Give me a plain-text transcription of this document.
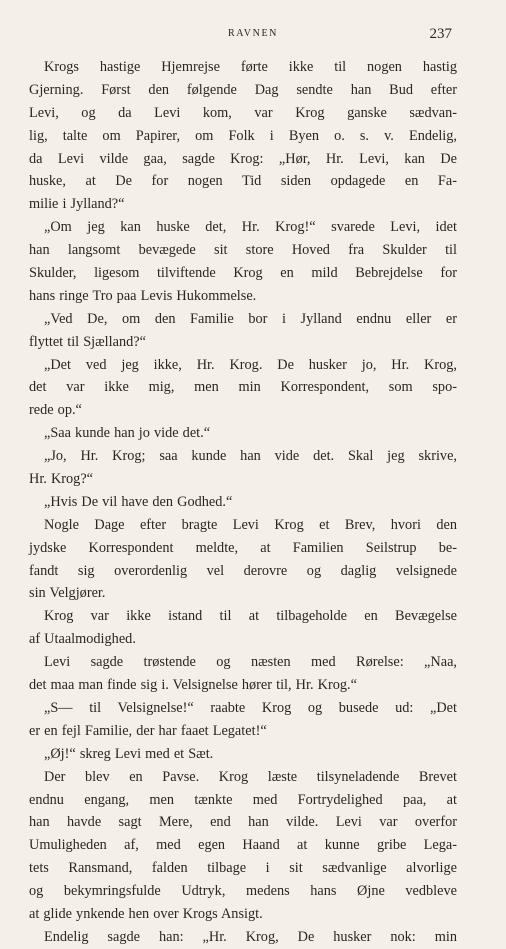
RAVNEN	237
Krogs hastige Hjemrejse førte ikke til nogen hastig
Gjerning. Først den følgende Dag sendte han Bud efter
Levi, og da Levi kom, var Krog ganske sædvan-
lig, talte om Papirer, om Folk i Byen o. s. v. Endelig,
da Levi vilde gaa, sagde Krog: „Hør, Hr. Levi, kan De
huske, at De for nogen Tid siden opdagede en Fa-
milie i Jylland?“
„Om jeg kan huske det, Hr. Krog!“ svarede Levi, idet
han langsomt bevægede sit store Hoved fra Skulder til
Skulder, ligesom tilviftende Krog en mild Bebrejdelse for
hans ringe Tro paa Levis Hukommelse.
„Ved De, om den Familie bor i Jylland endnu eller er
flyttet til Sjælland?“
„Det ved jeg ikke, Hr. Krog. De husker jo, Hr. Krog,
det var ikke mig, men min Korrespondent, som spo-
rede op.“
„Saa kunde han jo vide det.“
„Jo, Hr. Krog; saa kunde han vide det. Skal jeg skrive,
Hr. Krog?“
„Hvis De vil have den Godhed.“
Nogle Dage efter bragte Levi Krog et Brev, hvori den
jydske Korrespondent meldte, at Familien Seilstrup be-
fandt sig overordenlig vel derovre og daglig velsignede
sin Velgjører.
Krog var ikke istand til at tilbageholde en Bevægelse
af Utaalmodighed.
Levi sagde trøstende og næsten med Rørelse: „Naa,
det maa man finde sig i. Velsignelse hører til, Hr. Krog.“
„S— til Velsignelse!“ raabte Krog og busede ud: „Det
er en fejl Familie, der har faaet Legatet!“
„Øj!“ skreg Levi med et Sæt.
Der blev en Pavse. Krog læste tilsyneladende Brevet
endnu engang, men tænkte med Fortrydelighed paa, at
han havde sagt Mere, end han vilde. Levi var overfor
Umuligheden af, med egen Haand at kunne gribe Lega-
tets Ransmand, falden tilbage i sit sædvanlige alvorlige
og bekymringsfulde Udtryk, medens hans Øjne vedbleve
at glide ynkende hen over Krogs Ansigt.
Endelig sagde han: „Hr. Krog, De husker nok: min
